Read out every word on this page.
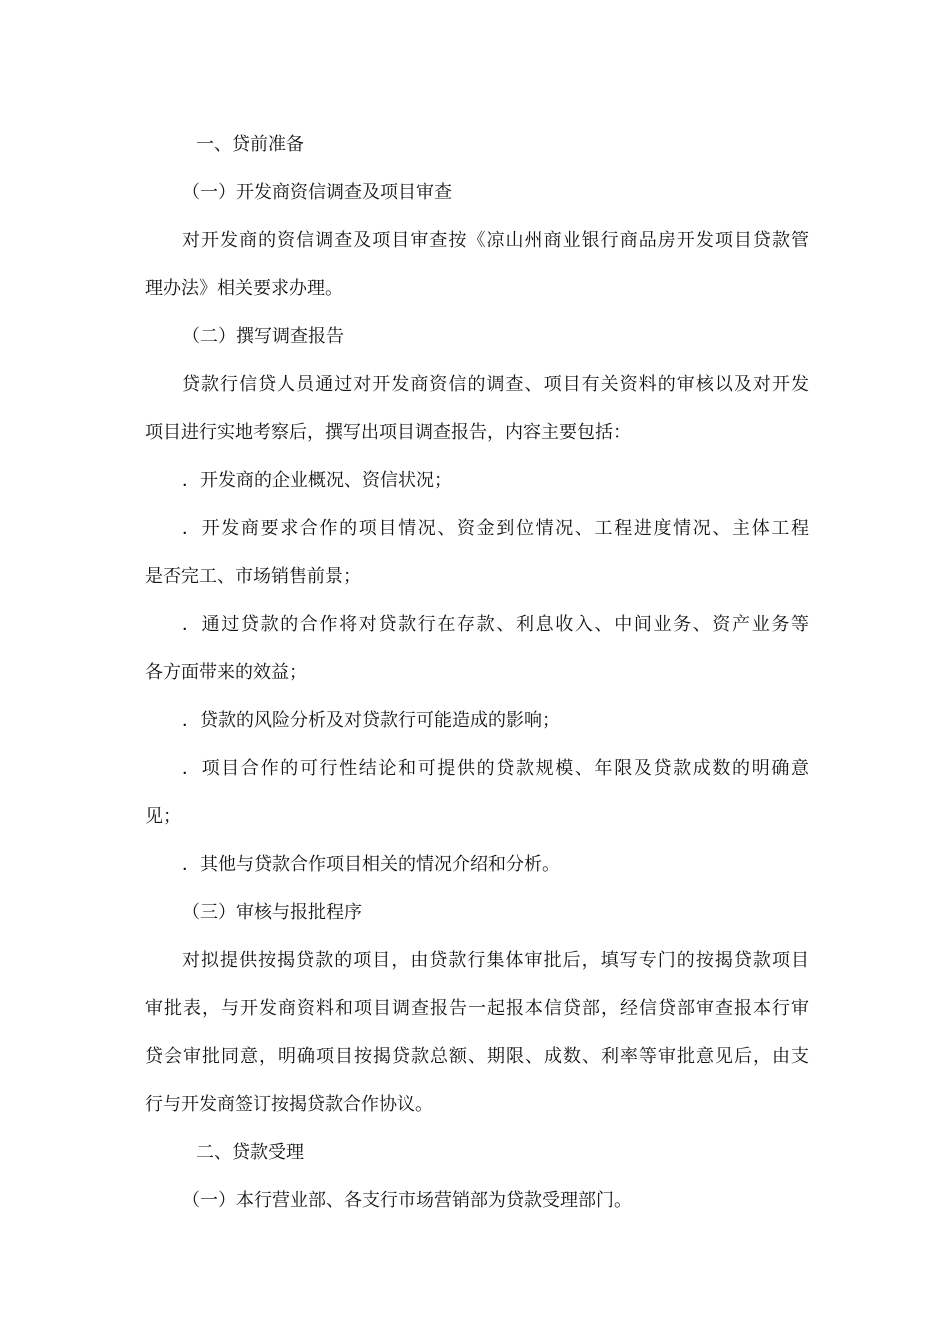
一、贷前准备
（一）开发商资信调查及项目审查
对开发商的资信调查及项目审查按《凉山州商业银行商品房开发项目贷款管
理办法》相关要求办理。
（二）撰写调查报告
贷款行信贷人员通过对开发商资信的调查、项目有关资料的审核以及对开发
项目进行实地考察后，撰写出项目调查报告，内容主要包括：
．开发商的企业概况、资信状况；
．开发商要求合作的项目情况、资金到位情况、工程进度情况、主体工程
是否完工、市场销售前景；
．通过贷款的合作将对贷款行在存款、利息收入、中间业务、资产业务等
各方面带来的效益；
．贷款的风险分析及对贷款行可能造成的影响；
．项目合作的可行性结论和可提供的贷款规模、年限及贷款成数的明确意
见；
．其他与贷款合作项目相关的情况介绍和分析。
（三）审核与报批程序
对拟提供按揭贷款的项目，由贷款行集体审批后，填写专门的按揭贷款项目
审批表，与开发商资料和项目调查报告一起报本信贷部，经信贷部审查报本行审
贷会审批同意，明确项目按揭贷款总额、期限、成数、利率等审批意见后，由支
行与开发商签订按揭贷款合作协议。
二、贷款受理
（一）本行营业部、各支行市场营销部为贷款受理部门。
